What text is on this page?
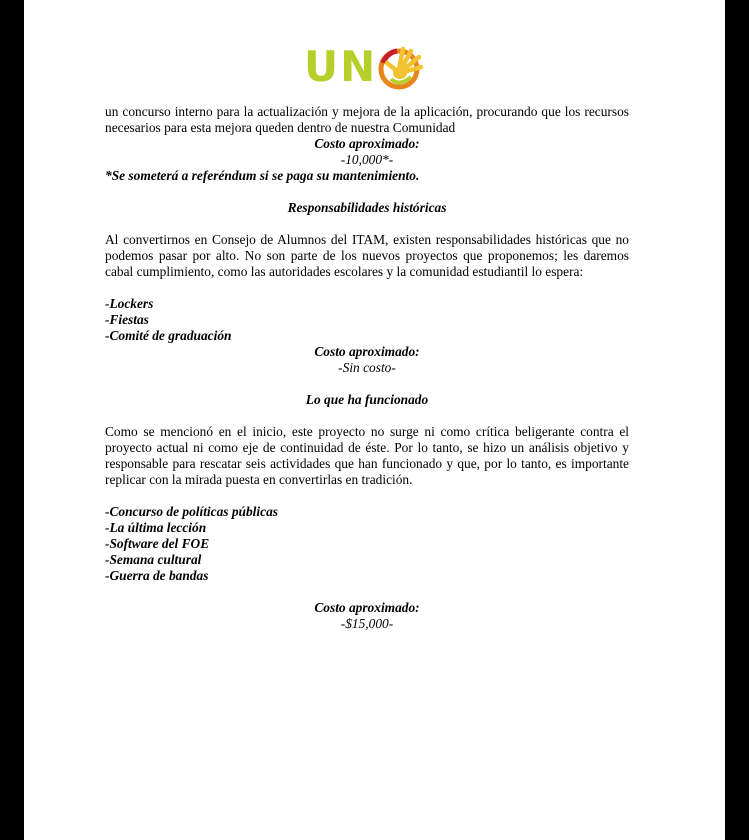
UN

un concurso interno para la actualización y mejora de la aplicación, procurando que los recursos necesarios para esta mejora queden dentro de nuestra Comunidad

Costo aproximado:

-10,000*-

*Se someterá a referéndum si se paga su mantenimiento.

Responsabilidades históricas

Al convertirnos en Consejo de Alumnos del ITAM, existen responsabilidades históricas que no podemos pasar por alto. No son parte de los nuevos proyectos que proponemos; les daremos cabal cumplimiento, como las autoridades escolares y la comunidad estudiantil lo espera:

-Lockers

-Fiestas

-Comité de graduación

Costo aproximado:

-Sin costo-

Lo que ha funcionado

Como se mencionó en el inicio, este proyecto no surge ni como crítica beligerante contra el proyecto actual ni como eje de continuidad de éste. Por lo tanto, se hizo un análisis objetivo y responsable para rescatar seis actividades que han funcionado y que, por lo tanto, es importante replicar con la mirada puesta en convertirlas en tradición.

-Concurso de políticas públicas

-La última lección

-Software del FOE

-Semana cultural

-Guerra de bandas

Costo aproximado:

-$15,000-
